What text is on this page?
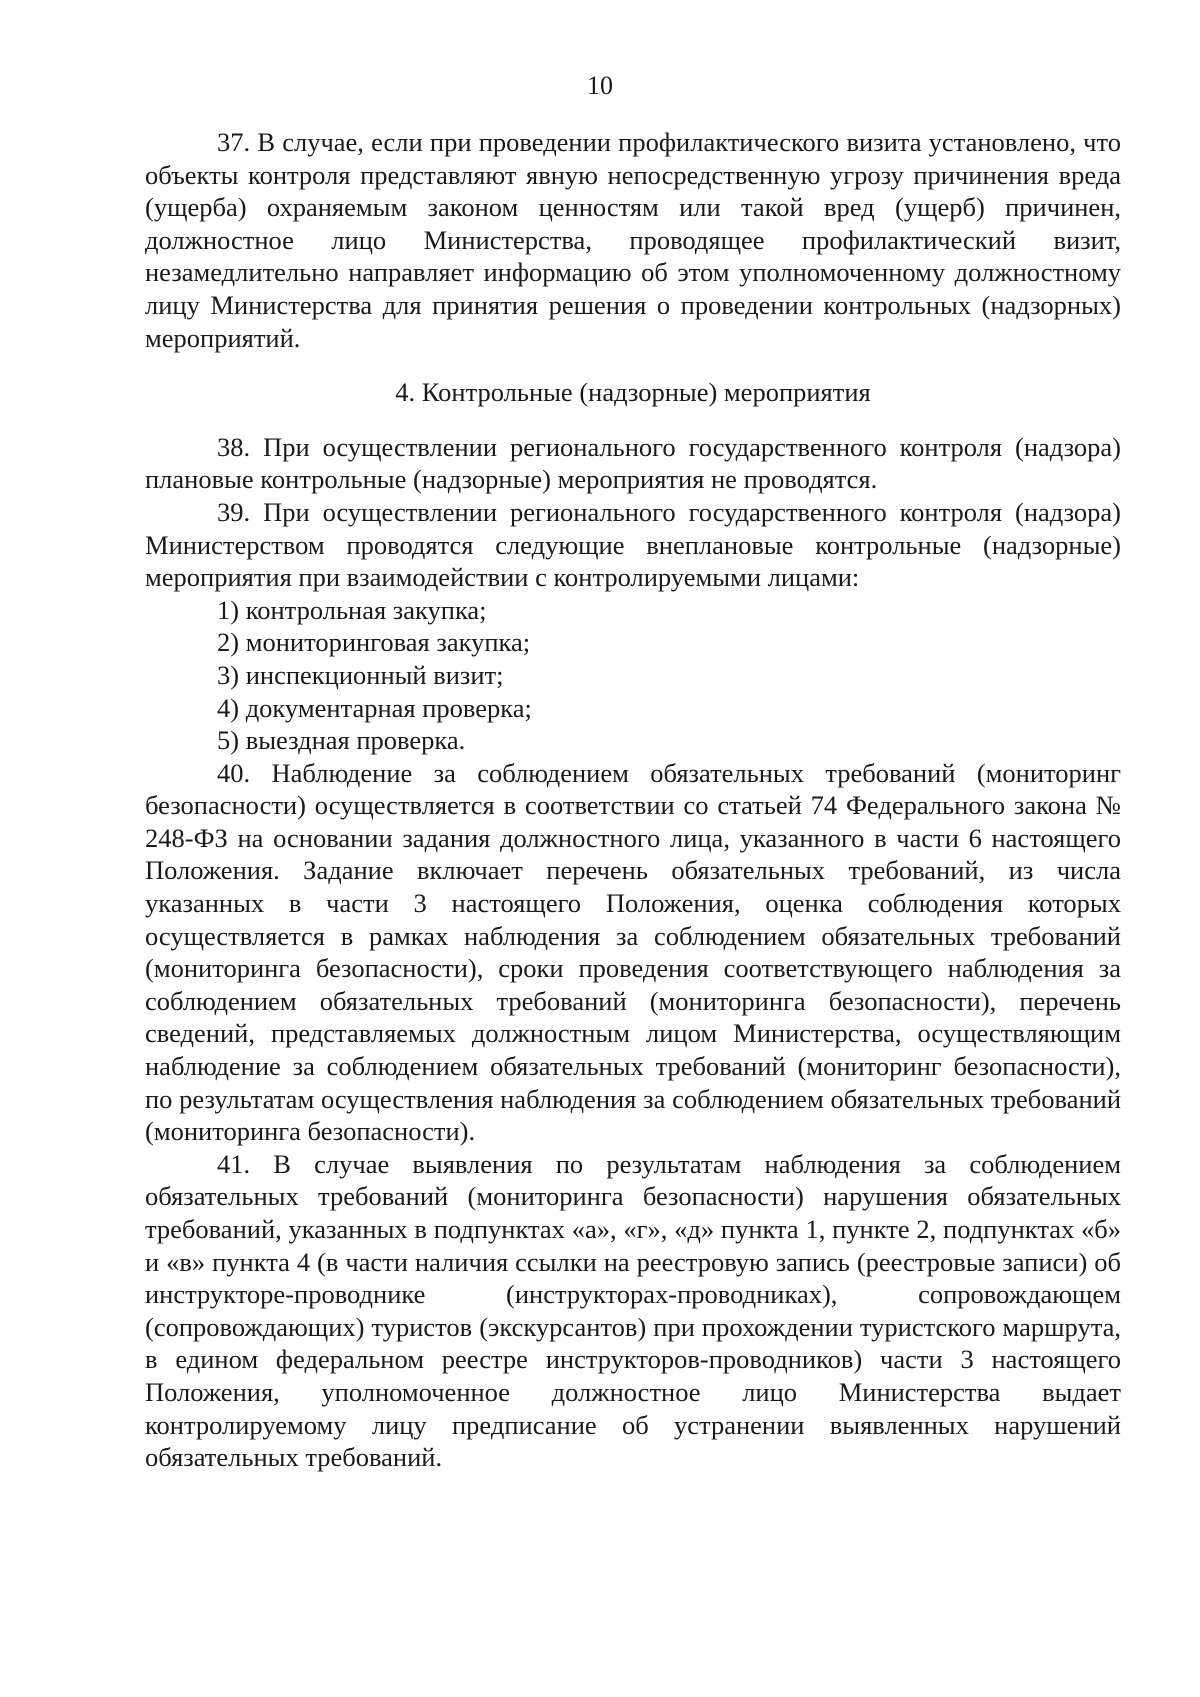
10

37. В случае, если при проведении профилактического визита установлено, что объекты контроля представляют явную непосредственную угрозу причинения вреда (ущерба) охраняемым законом ценностям или такой вред (ущерб) причинен, должностное лицо Министерства, проводящее профилактический визит, незамедлительно направляет информацию об этом уполномоченному должностному лицу Министерства для принятия решения о проведении контрольных (надзорных) мероприятий.

4. Контрольные (надзорные) мероприятия

38. При осуществлении регионального государственного контроля (надзора) плановые контрольные (надзорные) мероприятия не проводятся.

39. При осуществлении регионального государственного контроля (надзора) Министерством проводятся следующие внеплановые контрольные (надзорные) мероприятия при взаимодействии с контролируемыми лицами:

1) контрольная закупка;

2) мониторинговая закупка;

3) инспекционный визит;

4) документарная проверка;

5) выездная проверка.

40. Наблюдение за соблюдением обязательных требований (мониторинг безопасности) осуществляется в соответствии со статьей 74 Федерального закона № 248-ФЗ на основании задания должностного лица, указанного в части 6 настоящего Положения. Задание включает перечень обязательных требований, из числа указанных в части 3 настоящего Положения, оценка соблюдения которых осуществляется в рамках наблюдения за соблюдением обязательных требований (мониторинга безопасности), сроки проведения соответствующего наблюдения за соблюдением обязательных требований (мониторинга безопасности), перечень сведений, представляемых должностным лицом Министерства, осуществляющим наблюдение за соблюдением обязательных требований (мониторинг безопасности), по результатам осуществления наблюдения за соблюдением обязательных требований (мониторинга безопасности).

41. В случае выявления по результатам наблюдения за соблюдением обязательных требований (мониторинга безопасности) нарушения обязательных требований, указанных в подпунктах «а», «г», «д» пункта 1, пункте 2, подпунктах «б» и «в» пункта 4 (в части наличия ссылки на реестровую запись (реестровые записи) об инструкторе-проводнике (инструкторах-проводниках), сопровождающем (сопровождающих) туристов (экскурсантов) при прохождении туристского маршрута, в едином федеральном реестре инструкторов-проводников) части 3 настоящего Положения, уполномоченное должностное лицо Министерства выдает контролируемому лицу предписание об устранении выявленных нарушений обязательных требований.
